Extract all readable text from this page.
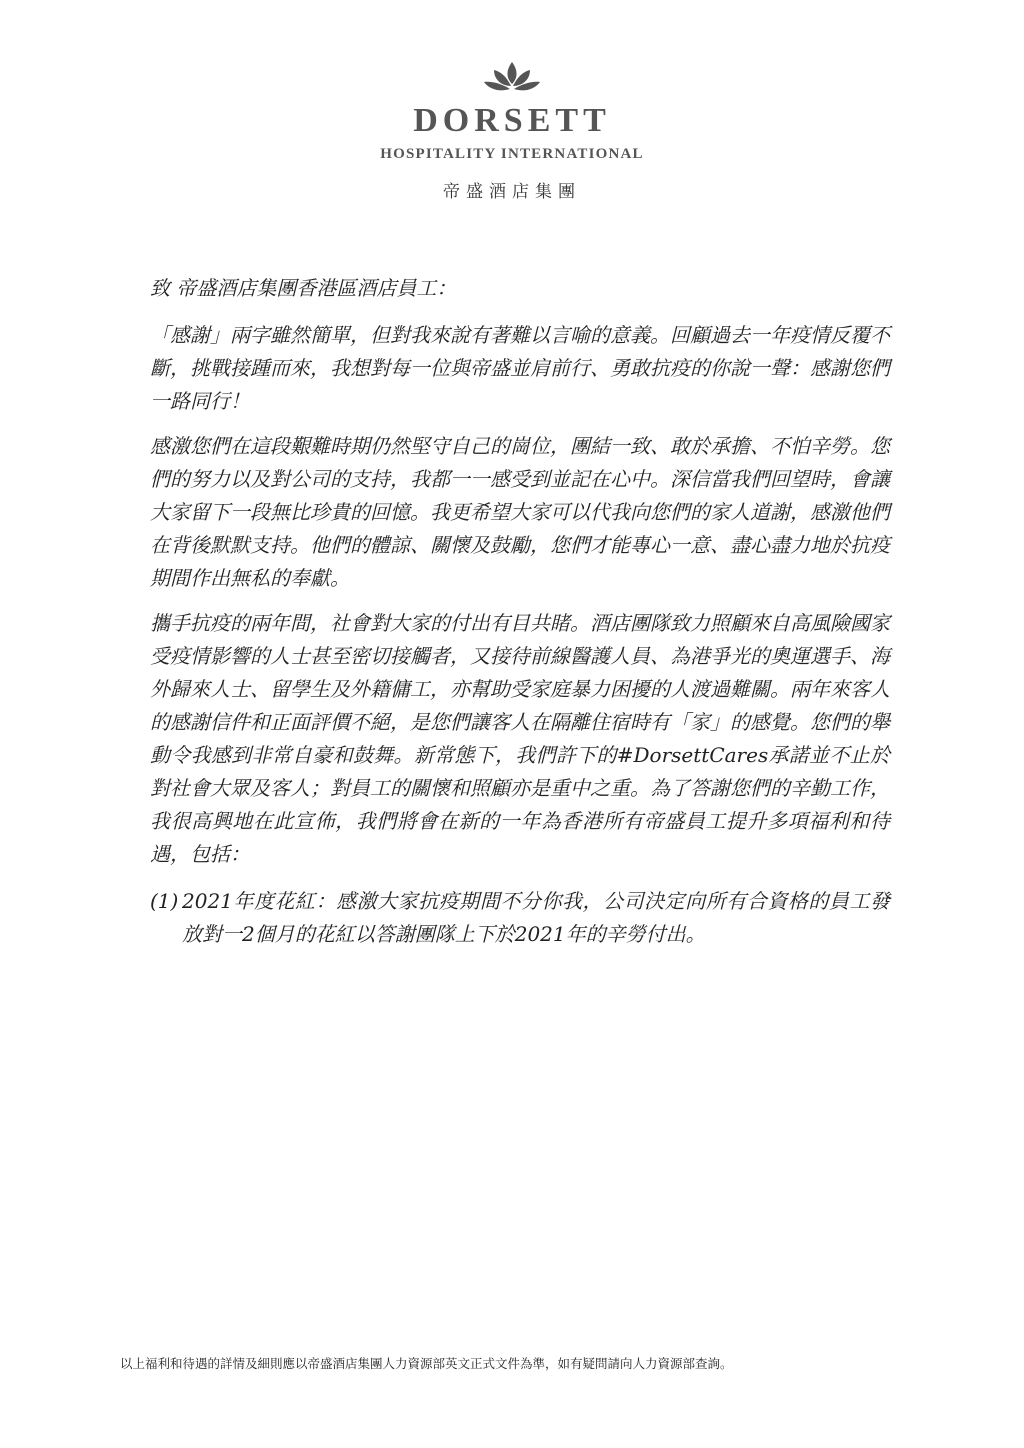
DORSETT
HOSPITALITY INTERNATIONAL
帝盛酒店集團

致 帝盛酒店集團香港區酒店員工：

「感謝」兩字雖然簡單，但對我來說有著難以言喻的意義。回顧過去一年疫情反覆不斷，挑戰接踵而來，我想對每一位與帝盛並肩前行、勇敢抗疫的你說一聲：感謝您們一路同行！

感激您們在這段艱難時期仍然堅守自己的崗位，團結一致、敢於承擔、不怕辛勞。您們的努力以及對公司的支持，我都一一感受到並記在心中。深信當我們回望時，會讓大家留下一段無比珍貴的回憶。我更希望大家可以代我向您們的家人道謝，感激他們在背後默默支持。他們的體諒、關懷及鼓勵，您們才能專心一意、盡心盡力地於抗疫期間作出無私的奉獻。

攜手抗疫的兩年間，社會對大家的付出有目共睹。酒店團隊致力照顧來自高風險國家受疫情影響的人士甚至密切接觸者，又接待前線醫護人員、為港爭光的奧運選手、海外歸來人士、留學生及外籍傭工，亦幫助受家庭暴力困擾的人渡過難關。兩年來客人的感謝信件和正面評價不絕，是您們讓客人在隔離住宿時有「家」的感覺。您們的舉動令我感到非常自豪和鼓舞。新常態下，我們許下的#DorsettCares承諾並不止於對社會大眾及客人；對員工的關懷和照顧亦是重中之重。為了答謝您們的辛勤工作，我很高興地在此宣佈，我們將會在新的一年為香港所有帝盛員工提升多項福利和待遇，包括：

(1) 2021年度花紅：感激大家抗疫期間不分你我，公司決定向所有合資格的員工發放對一2個月的花紅以答謝團隊上下於2021年的辛勞付出。
以上福利和待遇的詳情及細則應以帝盛酒店集團人力資源部英文正式文件為準，如有疑問請向人力資源部查詢。
